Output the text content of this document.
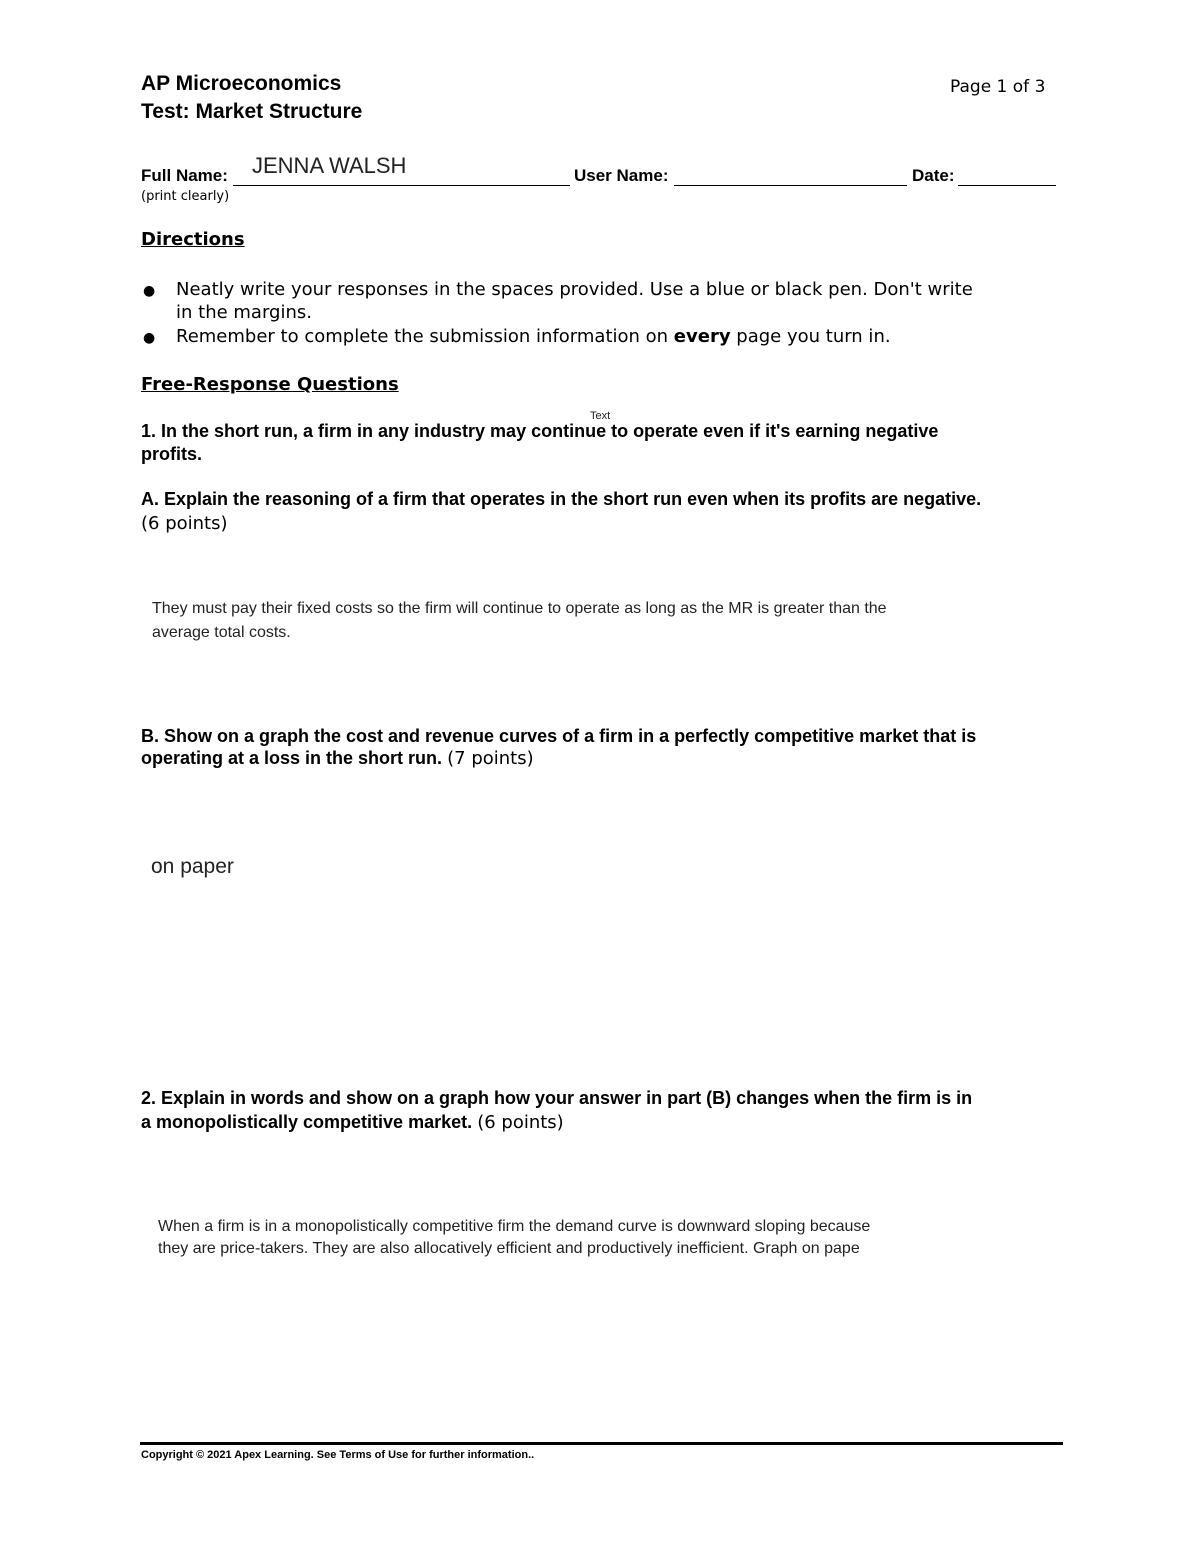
AP Microeconomics
Test: Market Structure
Page 1 of 3
Full Name: JENNA WALSH	User Name:	Date:
(print clearly)
Directions
● Neatly write your responses in the spaces provided. Use a blue or black pen. Don't write
in the margins.
● Remember to complete the submission information on every page you turn in.
Free-Response Questions
Text
1. In the short run, a firm in any industry may continue to operate even if it's earning negative
profits.
A. Explain the reasoning of a firm that operates in the short run even when its profits are negative.
(6 points)
They must pay their fixed costs so the firm will continue to operate as long as the MR is greater than the
average total costs.
B. Show on a graph the cost and revenue curves of a firm in a perfectly competitive market that is
operating at a loss in the short run. (7 points)
on paper
2. Explain in words and show on a graph how your answer in part (B) changes when the firm is in
a monopolistically competitive market. (6 points)
When a firm is in a monopolistically competitive firm the demand curve is downward sloping because
they are price-takers. They are also allocatively efficient and productively inefficient. Graph on pape
Copyright © 2021 Apex Learning. See Terms of Use for further information..
